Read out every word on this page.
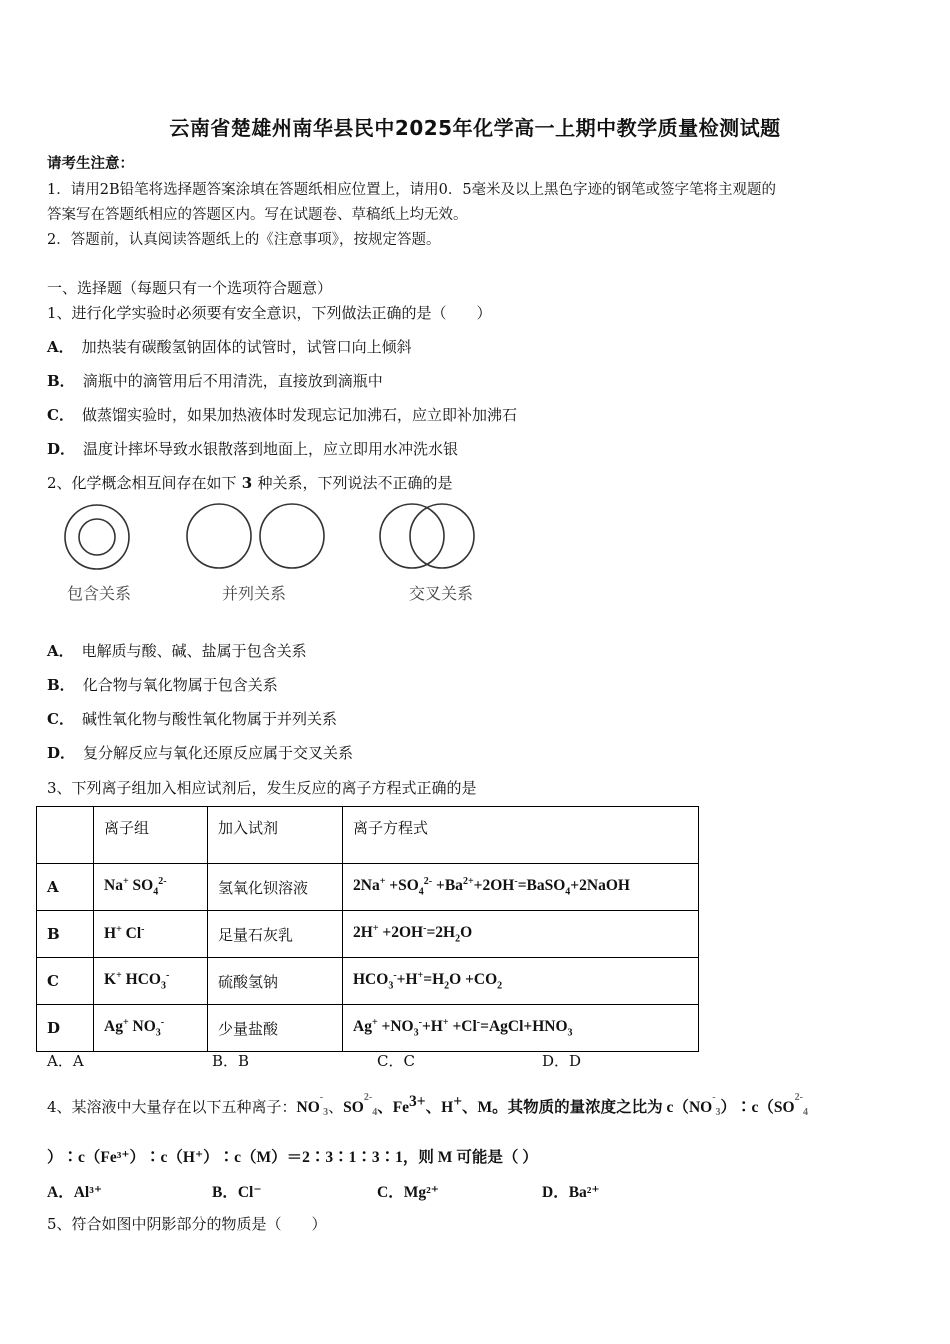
云南省楚雄州南华县民中2025年化学高一上期中教学质量检测试题
请考生注意：
1．请用2B铅笔将选择题答案涂填在答题纸相应位置上，请用0．5毫米及以上黑色字迹的钢笔或签字笔将主观题的
答案写在答题纸相应的答题区内。写在试题卷、草稿纸上均无效。
2．答题前，认真阅读答题纸上的《注意事项》，按规定答题。
一、选择题（每题只有一个选项符合题意）
1、进行化学实验时必须要有安全意识，下列做法正确的是（　　）
A． 加热装有碳酸氢钠固体的试管时，试管口向上倾斜
B． 滴瓶中的滴管用后不用清洗，直接放到滴瓶中
C． 做蒸馏实验时，如果加热液体时发现忘记加沸石，应立即补加沸石
D． 温度计摔坏导致水银散落到地面上，应立即用水冲洗水银
2、化学概念相互间存在如下 3 种关系，下列说法不正确的是
包含关系	并列关系	交叉关系
A． 电解质与酸、碱、盐属于包含关系
B． 化合物与氧化物属于包含关系
C． 碱性氧化物与酸性氧化物属于并列关系
D． 复分解反应与氧化还原反应属于交叉关系
3、下列离子组加入相应试剂后，发生反应的离子方程式正确的是
	离子组	加入试剂	离子方程式
A	Na+ $SO_4^{2-}$	氢氧化钡溶液	$2Na^+ +SO_4^{2-}$ $+Ba^{2+}+2OH^-=BaSO_4+2NaOH$
B	H+ Cl-	足量石灰乳	$2H^+ +2OH^-=2H_2O$
C	K+ $HCO_3^-$	硫酸氢钠	$HCO_3^-+H^+=H_2O +CO_2$
D	Ag+ $NO_3^-$	少量盐酸	$Ag^+ +NO_3^-+H^+$ $+Cl^-=AgCl+HNO_3$
A．A	B．B	C．C	D．D
4、某溶液中大量存在以下五种离子：$NO^-_3$、$SO^{2-}_4$、$Fe^{3+}$、H+、M。其物质的量浓度之比为 $c(NO^-_3)∶c(SO^{2-}_4$
）∶c（Fe³⁺）∶c（H⁺）∶c（M）＝2∶3∶1∶3∶1，则 M 可能是（ ）
A．Al³⁺	B．Cl⁻	C．Mg²⁺	D．Ba²⁺
5、符合如图中阴影部分的物质是（　　）
